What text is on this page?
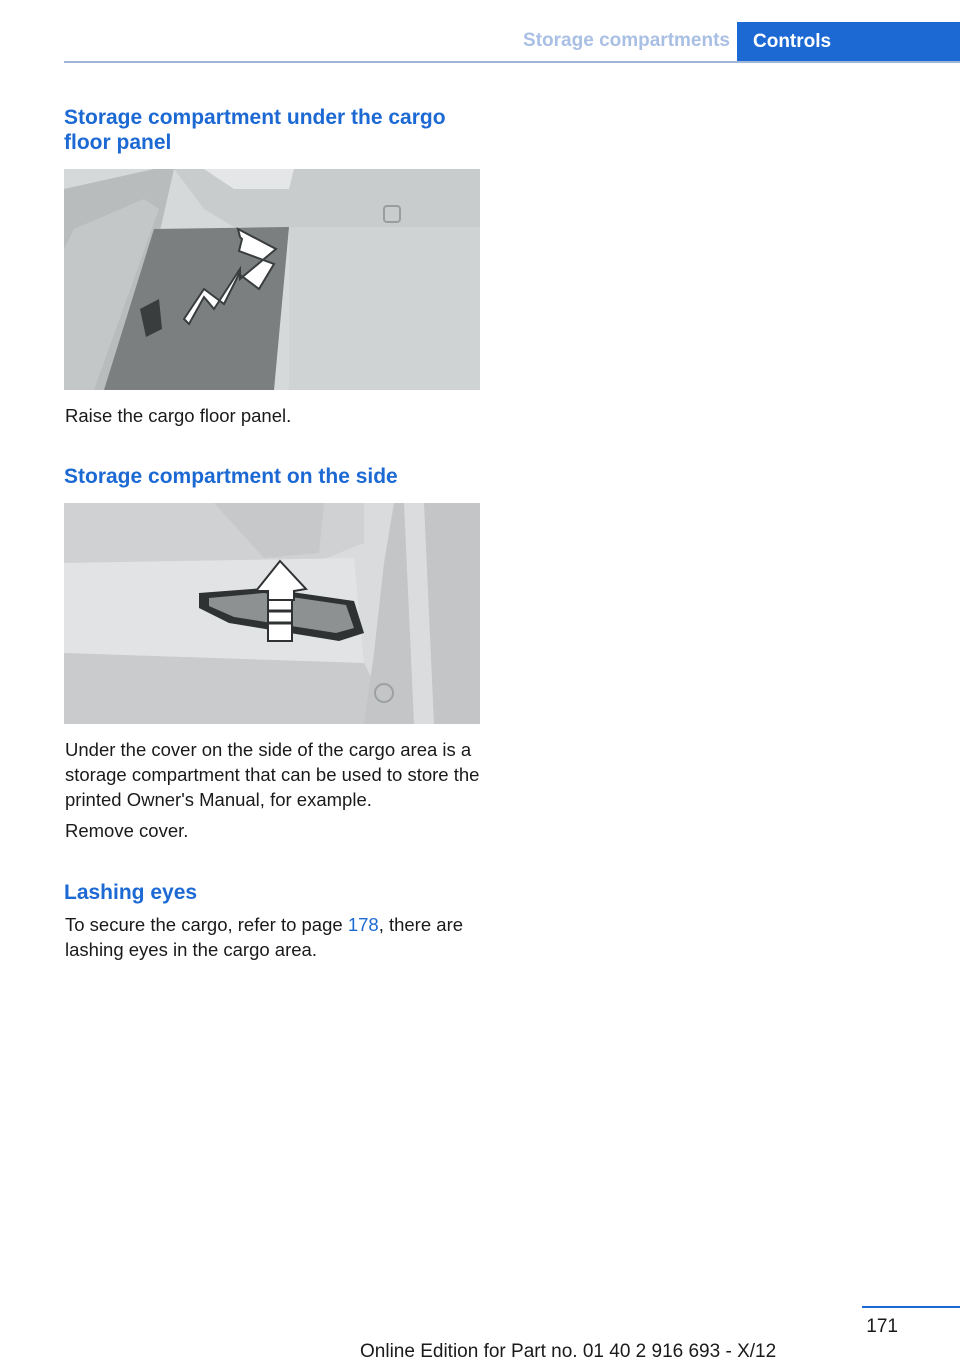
Storage compartments	Controls
Storage compartment under the cargo floor panel

Raise the cargo floor panel.

Storage compartment on the side

Under the cover on the side of the cargo area is a storage compartment that can be used to store the printed Owner's Manual, for example.

Remove cover.

Lashing eyes

To secure the cargo, refer to page 178, there are lashing eyes in the cargo area.

171
Online Edition for Part no. 01 40 2 916 693 - X/12
